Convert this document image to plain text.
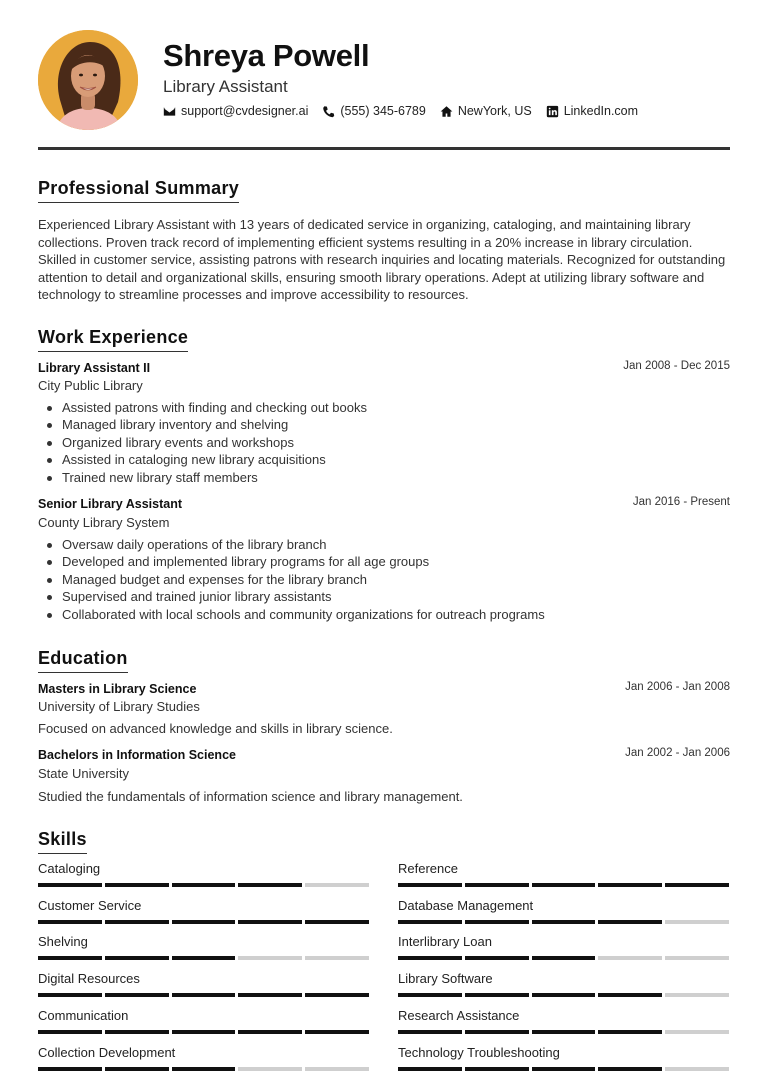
Shreya Powell
Library Assistant
support@cvdesigner.ai	(555) 345-6789	NewYork, US	LinkedIn.com
Professional Summary
Experienced Library Assistant with 13 years of dedicated service in organizing, cataloging, and maintaining library collections. Proven track record of implementing efficient systems resulting in a 20% increase in library circulation. Skilled in customer service, assisting patrons with research inquiries and locating materials. Recognized for outstanding attention to detail and organizational skills, ensuring smooth library operations. Adept at utilizing library software and technology to streamline processes and improve accessibility to resources.
Work Experience
Library Assistant II	Jan 2008 - Dec 2015
City Public Library
Assisted patrons with finding and checking out books
Managed library inventory and shelving
Organized library events and workshops
Assisted in cataloging new library acquisitions
Trained new library staff members
Senior Library Assistant	Jan 2016 - Present
County Library System
Oversaw daily operations of the library branch
Developed and implemented library programs for all age groups
Managed budget and expenses for the library branch
Supervised and trained junior library assistants
Collaborated with local schools and community organizations for outreach programs
Education
Masters in Library Science	Jan 2006 - Jan 2008
University of Library Studies
Focused on advanced knowledge and skills in library science.
Bachelors in Information Science	Jan 2002 - Jan 2006
State University
Studied the fundamentals of information science and library management.
Skills
Cataloging	Reference
Customer Service	Database Management
Shelving	Interlibrary Loan
Digital Resources	Library Software
Communication	Research Assistance
Collection Development	Technology Troubleshooting
